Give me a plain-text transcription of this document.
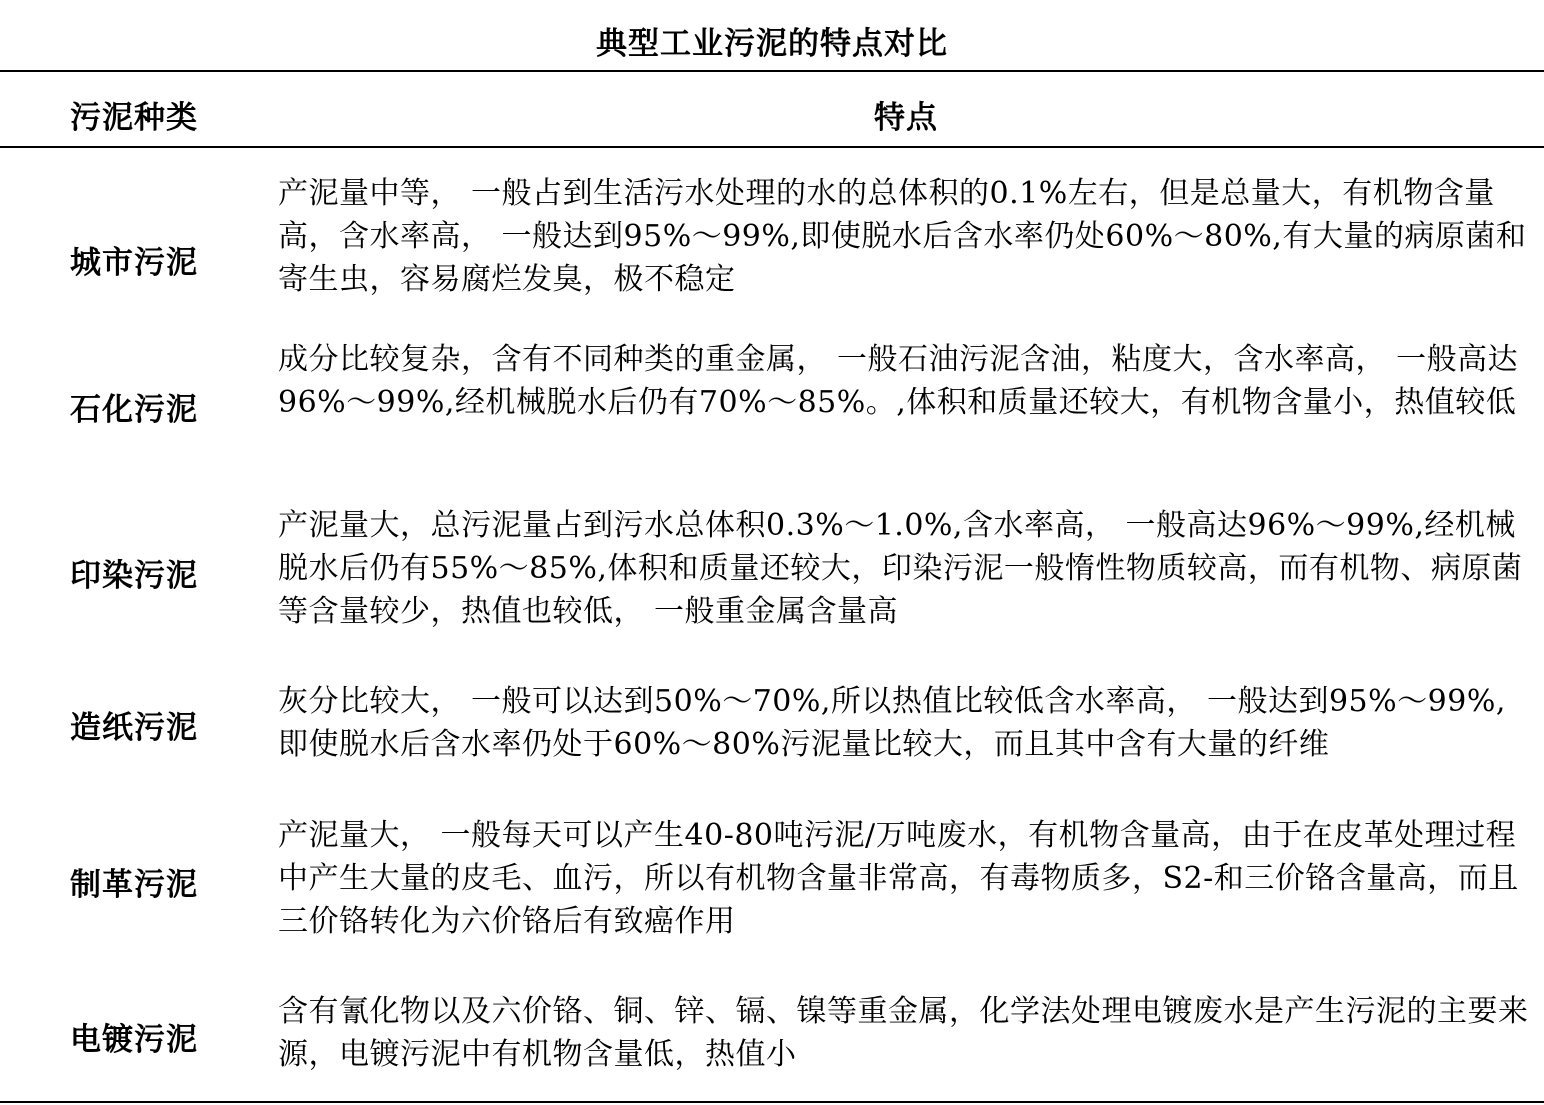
典型工业污泥的特点对比
污泥种类	特点
城市污泥
产泥量中等， 一般占到生活污水处理的水的总体积的0.1%左右，但是总量大，有机物含量高，含水率高， 一般达到95%～99%,即使脱水后含水率仍处60%～80%,有大量的病原菌和寄生虫，容易腐烂发臭，极不稳定
石化污泥
成分比较复杂，含有不同种类的重金属， 一般石油污泥含油，粘度大，含水率高， 一般高达96%～99%,经机械脱水后仍有70%～85%。,体积和质量还较大，有机物含量小，热值较低
印染污泥
产泥量大，总污泥量占到污水总体积0.3%～1.0%,含水率高， 一般高达96%～99%,经机械脱水后仍有55%～85%,体积和质量还较大，印染污泥一般惰性物质较高，而有机物、病原菌等含量较少，热值也较低， 一般重金属含量高
造纸污泥
灰分比较大， 一般可以达到50%～70%,所以热值比较低含水率高， 一般达到95%～99%,即使脱水后含水率仍处于60%～80%污泥量比较大，而且其中含有大量的纤维
制革污泥
产泥量大， 一般每天可以产生40-80吨污泥/万吨废水，有机物含量高，由于在皮革处理过程中产生大量的皮毛、血污，所以有机物含量非常高，有毒物质多，S2-和三价铬含量高，而且三价铬转化为六价铬后有致癌作用
电镀污泥
含有氰化物以及六价铬、铜、锌、镉、镍等重金属，化学法处理电镀废水是产生污泥的主要来源，电镀污泥中有机物含量低，热值小
